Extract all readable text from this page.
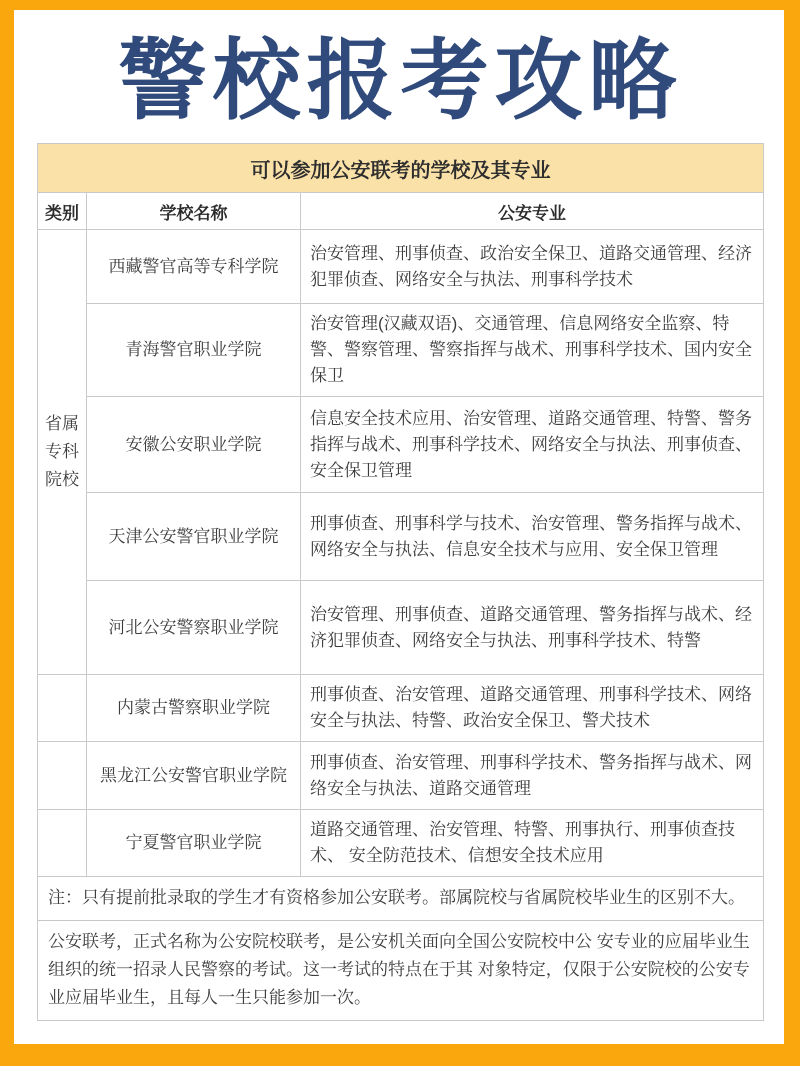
警校报考攻略
可以参加公安联考的学校及其专业
类别	学校名称	公安专业
省属专科院校	西藏警官高等专科学院	治安管理、刑事侦查、政治安全保卫、道路交通管理、经济 犯罪侦查、网络安全与执法、刑事科学技术
	青海警官职业学院	治安管理(汉藏双语)、交通管理、信息网络安全监察、特警、警察管理、警察指挥与战术、刑事科学技术、国内安全保卫
	安徽公安职业学院	信息安全技术应用、治安管理、道路交通管理、特警、警务 指挥与战术、刑事科学技术、网络安全与执法、刑事侦查、 安全保卫管理
	天津公安警官职业学院	刑事侦查、刑事科学与技术、治安管理、警务指挥与战术、 网络安全与执法、信息安全技术与应用、安全保卫管理
	河北公安警察职业学院	治安管理、刑事侦查、道路交通管理、警务指挥与战术、经 济犯罪侦查、网络安全与执法、刑事科学技术、特警
	内蒙古警察职业学院	刑事侦查、治安管理、道路交通管理、刑事科学技术、网络 安全与执法、特警、政治安全保卫、警犬技术
	黑龙江公安警官职业学院	刑事侦查、治安管理、刑事科学技术、警务指挥与战术、网 络安全与执法、道路交通管理
	宁夏警官职业学院	道路交通管理、治安管理、特警、刑事执行、刑事侦查技术、 安全防范技术、信想安全技术应用
注：只有提前批录取的学生才有资格参加公安联考。部属院校与省属院校毕业生的区别不大。
公安联考，正式名称为公安院校联考，是公安机关面向全国公安院校中公 安专业的应届毕业生组织的统一招录人民警察的考试。这一考试的特点在于其 对象特定，仅限于公安院校的公安专业应届毕业生，且每人一生只能参加一次。
